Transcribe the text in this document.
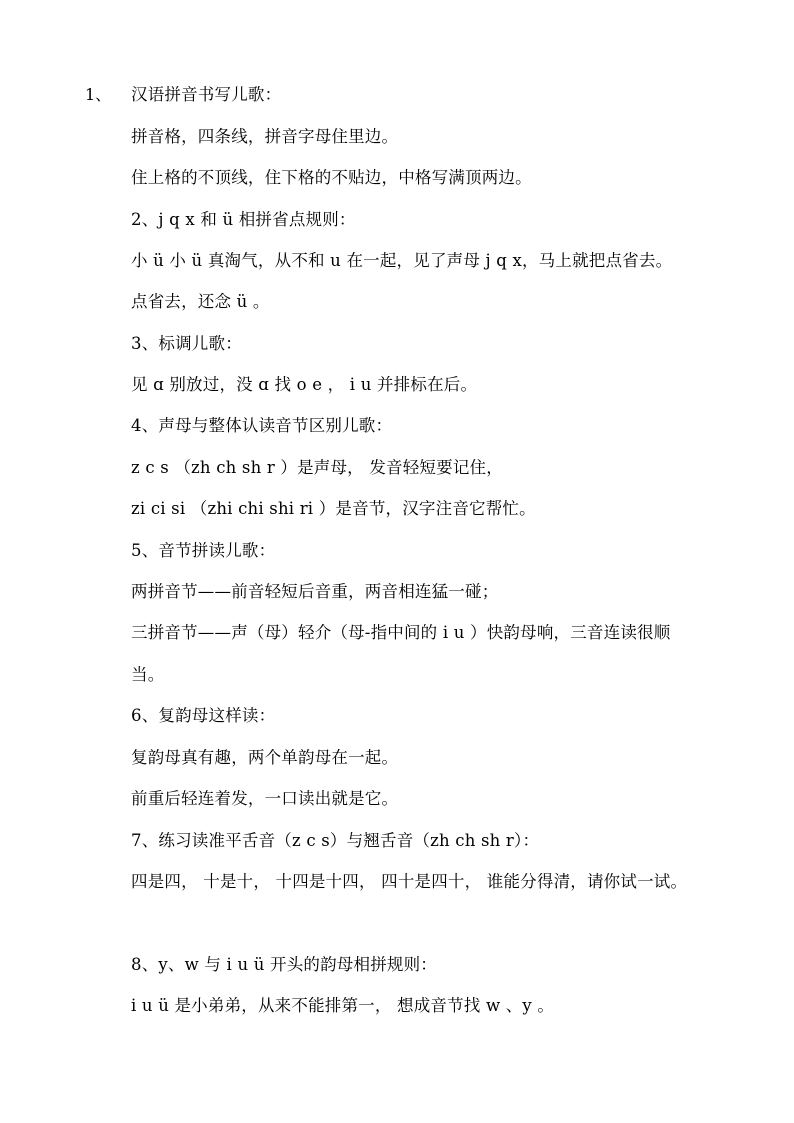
1、 汉语拼音书写儿歌：
拼音格，四条线，拼音字母住里边。
住上格的不顶线，住下格的不贴边，中格写满顶两边。
2、j q x 和 ü 相拼省点规则：
小 ü 小 ü 真淘气，从不和 u 在一起，见了声母 j q x，马上就把点省去。
点省去，还念 ü 。
3、标调儿歌：
见 ɑ 别放过，没 ɑ 找 o e ， i u 并排标在后。
4、声母与整体认读音节区别儿歌：
z c s （zh ch sh r ）是声母， 发音轻短要记住，
zi ci si （zhi chi shi ri ）是音节，汉字注音它帮忙。
5、音节拼读儿歌：
两拼音节——前音轻短后音重，两音相连猛一碰；
三拼音节——声（母）轻介（母-指中间的 i u ）快韵母响，三音连读很顺
当。
6、复韵母这样读：
复韵母真有趣，两个单韵母在一起。
前重后轻连着发，一口读出就是它。
7、练习读准平舌音（z c s）与翘舌音（zh ch sh r）：
四是四， 十是十， 十四是十四， 四十是四十， 谁能分得清，请你试一试。
8、y、w 与 i u ü 开头的韵母相拼规则：
i u ü 是小弟弟，从来不能排第一， 想成音节找 w 、y 。
